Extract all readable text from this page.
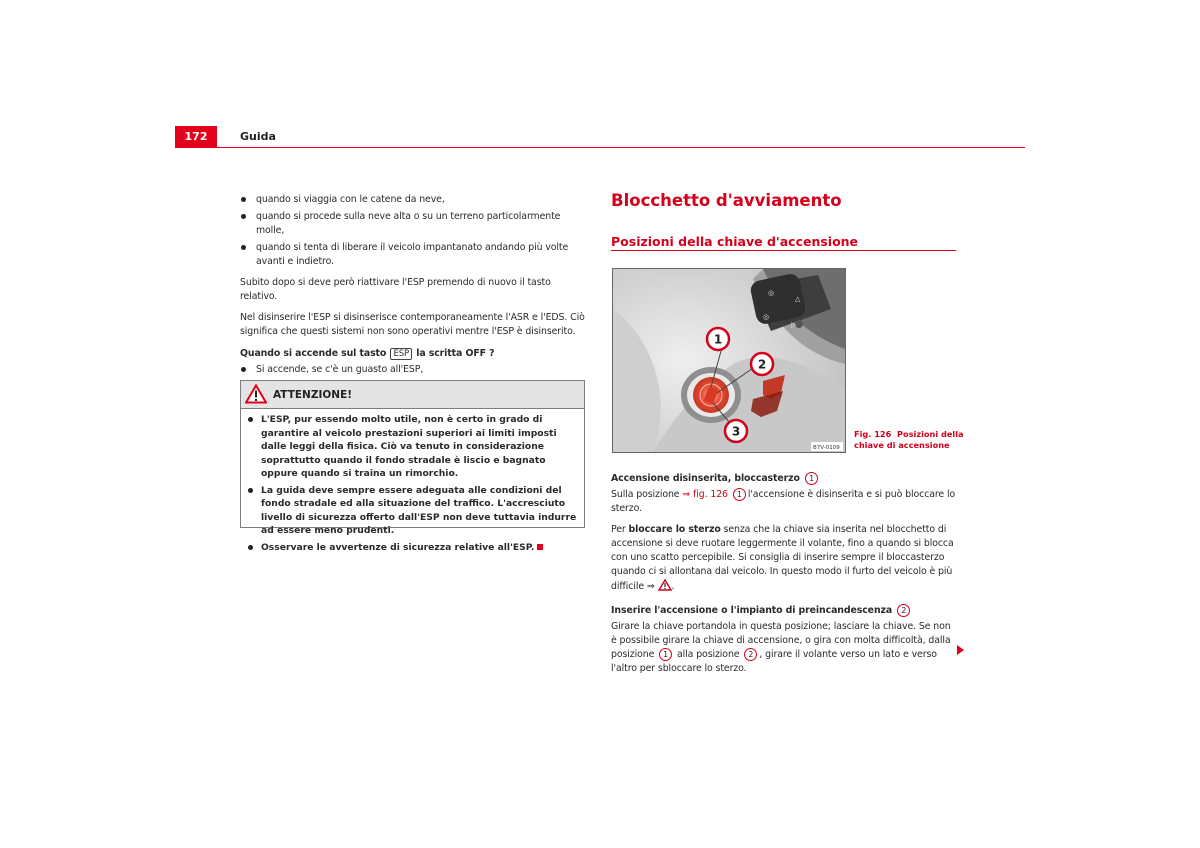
172	Guida
quando si viaggia con le catene da neve,
quando si procede sulla neve alta o su un terreno particolarmente molle,
quando si tenta di liberare il veicolo impantanato andando più volte avanti e indietro.

Subito dopo si deve però riattivare l'ESP premendo di nuovo il tasto relativo.

Nel disinserire l'ESP si disinserisce contemporaneamente l'ASR e l'EDS. Ciò significa che questi sistemi non sono operativi mentre l'ESP è disinserito.

Quando si accende sul tasto ESP la scritta OFF ?

Si accende, se c'è un guasto all'ESP,
ATTENZIONE!
L'ESP, pur essendo molto utile, non è certo in grado di garantire al veicolo prestazioni superiori ai limiti imposti dalle leggi della fisica. Ciò va tenuto in considerazione soprattutto quando il fondo stradale è liscio e bagnato oppure quando si traina un rimorchio.
La guida deve sempre essere adeguata alle condizioni del fondo stradale ed alla situazione del traffico. L'accresciuto livello di sicurezza offerto dall'ESP non deve tuttavia indurre ad essere meno prudenti.
Osservare le avvertenze di sicurezza relative all'ESP.
Blocchetto d'avviamento
Posizioni della chiave d'accensione
◎
△
◎
▷
1
2
3
B7V-0109
Fig. 126 Posizioni della chiave di accensione
Accensione disinserita, bloccasterzo 1
Sulla posizione ⇒ fig. 126 1 l'accensione è disinserita e si può bloccare lo sterzo.
Per bloccare lo sterzo senza che la chiave sia inserita nel blocchetto di accensione si deve ruotare leggermente il volante, fino a quando si blocca con uno scatto percepibile. Si consiglia di inserire sempre il bloccasterzo quando ci si allontana dal veicolo. In questo modo il furto del veicolo è più difficile ⇒ .
Inserire l'accensione o l'impianto di preincandescenza 2
Girare la chiave portandola in questa posizione; lasciare la chiave. Se non è possibile girare la chiave di accensione, o gira con molta difficoltà, dalla posizione 1 alla posizione 2 , girare il volante verso un lato e verso l'altro per sbloccare lo sterzo.
